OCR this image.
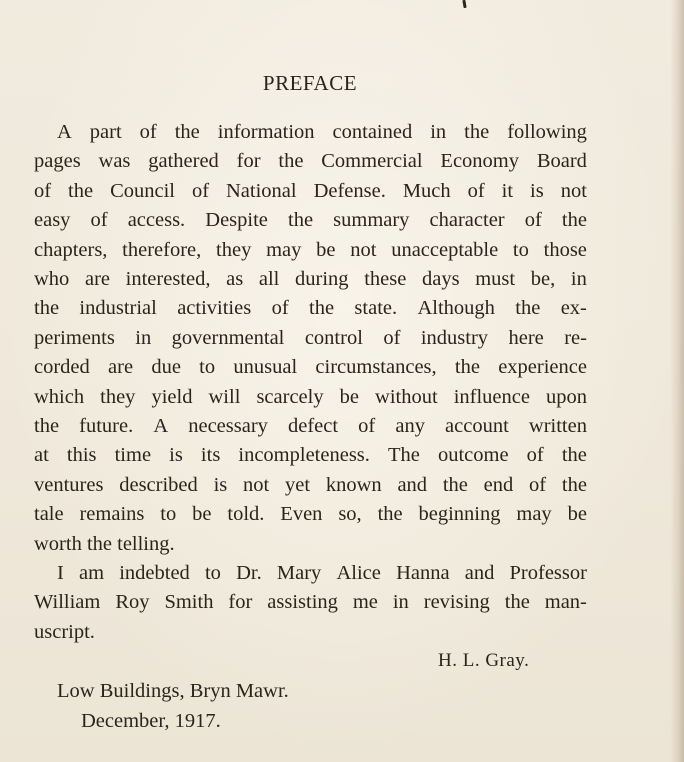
PREFACE
A part of the information contained in the following
pages was gathered for the Commercial Economy Board
of the Council of National Defense. Much of it is not
easy of access. Despite the summary character of the
chapters, therefore, they may be not unacceptable to those
who are interested, as all during these days must be, in
the industrial activities of the state. Although the ex-
periments in governmental control of industry here re-
corded are due to unusual circumstances, the experience
which they yield will scarcely be without influence upon
the future. A necessary defect of any account written
at this time is its incompleteness. The outcome of the
ventures described is not yet known and the end of the
tale remains to be told. Even so, the beginning may be
worth the telling.
I am indebted to Dr. Mary Alice Hanna and Professor
William Roy Smith for assisting me in revising the man-
uscript.
H. L. Gray.
Low Buildings, Bryn Mawr.
December, 1917.
